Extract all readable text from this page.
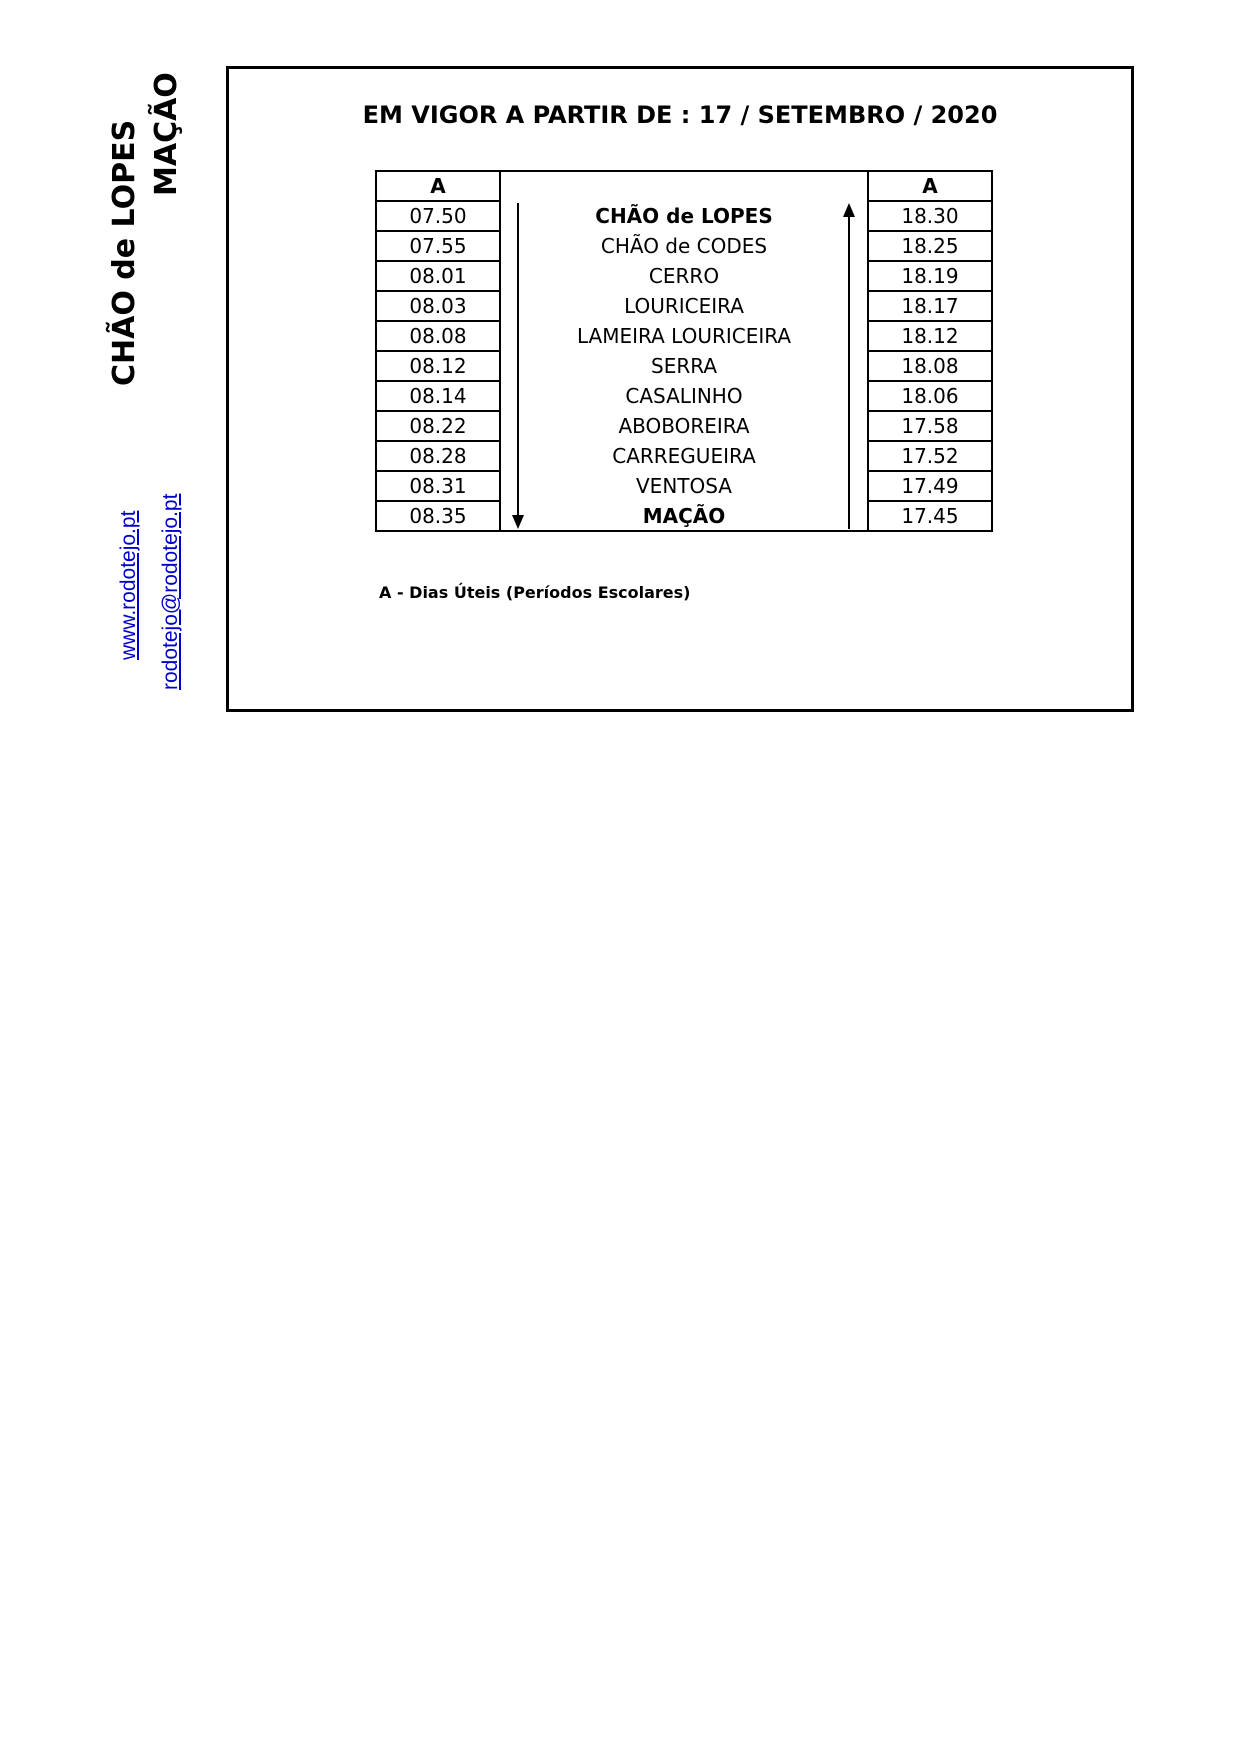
CHÃO de LOPES MAÇÃO
www.rodotejo.pt rodotejo@rodotejo.pt
EM VIGOR A PARTIR DE : 17 / SETEMBRO / 2020
A		A
07.50	CHÃO de LOPES	18.30
07.55	CHÃO de CODES	18.25
08.01	CERRO	18.19
08.03	LOURICEIRA	18.17
08.08	LAMEIRA LOURICEIRA	18.12
08.12	SERRA	18.08
08.14	CASALINHO	18.06
08.22	ABOBOREIRA	17.58
08.28	CARREGUEIRA	17.52
08.31	VENTOSA	17.49
08.35	MAÇÃO	17.45
A - Dias Úteis (Períodos Escolares)
